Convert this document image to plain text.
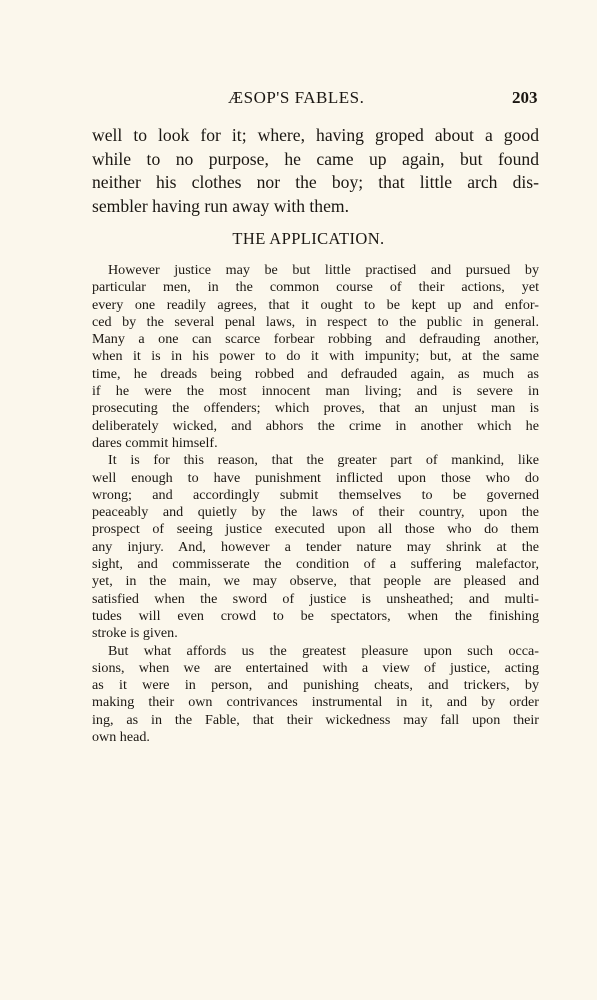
ÆSOP'S FABLES.	203
well to look for it; where, having groped about a good
while to no purpose, he came up again, but found
neither his clothes nor the boy; that little arch dis-
sembler having run away with them.
THE APPLICATION.
However justice may be but little practised and pursued by
particular men, in the common course of their actions, yet
every one readily agrees, that it ought to be kept up and enfor-
ced by the several penal laws, in respect to the public in general.
Many a one can scarce forbear robbing and defrauding another,
when it is in his power to do it with impunity; but, at the same
time, he dreads being robbed and defrauded again, as much as
if he were the most innocent man living; and is severe in
prosecuting the offenders; which proves, that an unjust man is
deliberately wicked, and abhors the crime in another which he
dares commit himself.
It is for this reason, that the greater part of mankind, like
well enough to have punishment inflicted upon those who do
wrong; and accordingly submit themselves to be governed
peaceably and quietly by the laws of their country, upon the
prospect of seeing justice executed upon all those who do them
any injury. And, however a tender nature may shrink at the
sight, and commisserate the condition of a suffering malefactor,
yet, in the main, we may observe, that people are pleased and
satisfied when the sword of justice is unsheathed; and multi-
tudes will even crowd to be spectators, when the finishing
stroke is given.
But what affords us the greatest pleasure upon such occa-
sions, when we are entertained with a view of justice, acting
as it were in person, and punishing cheats, and trickers, by
making their own contrivances instrumental in it, and by order
ing, as in the Fable, that their wickedness may fall upon their
own head.
